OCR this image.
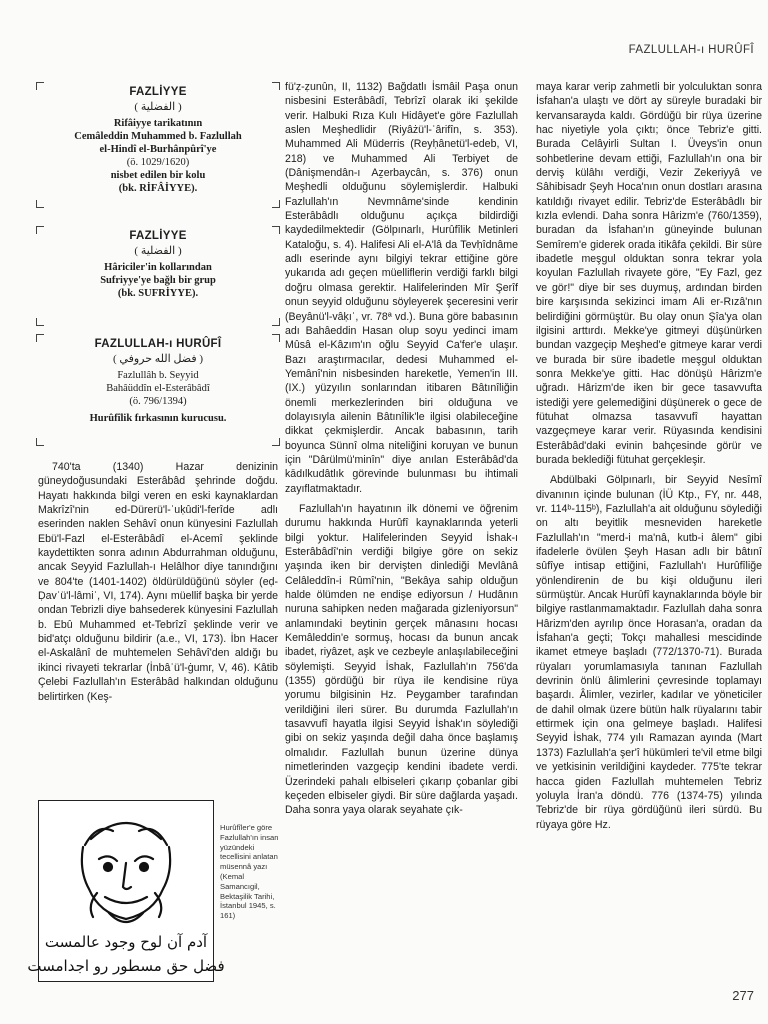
FAZLULLAH-ı HURÛFÎ
FAZLİYYE
( الفضلية )
Rifâiyye tarikatının
Cemâleddin Muhammed b. Fazlullah
el-Hindî el-Burhânpûrî'ye
(ö. 1029/1620)
nisbet edilen bir kolu
(bk. RİFÂİYYE).
FAZLİYYE
( الفضلية )
Hâriciler'in kollarından
Sufriyye'ye bağlı bir grup
(bk. SUFRİYYE).
FAZLULLAH-ı HURÛFÎ
( فضل الله حروفي )
Fazlullâh b. Seyyid
Bahâüddîn el-Esterâbâdî
(ö. 796/1394)
Hurûfîlik fırkasının kurucusu.

740'ta (1340) Hazar denizinin güneydoğusundaki Esterâbâd şehrinde doğdu. Hayatı hakkında bilgi veren en eski kaynaklardan Makrîzî'nin ed-Dürerü'l-ʿuḳûdi'l-ferîde adlı eserinden naklen Sehâvî onun künyesini Fazlullah Ebü'l-Fazl el-Esterâbâdî el-Acemî şeklinde kaydettikten sonra adının Abdurrahman olduğunu, ancak Seyyid Fazlullah-ı Helâlhor diye tanındığını ve 804'te (1401-1402) öldürüldüğünü söyler (eḍ-Ḍavʾü'l-lâmiʿ, VI, 174). Aynı müellif başka bir yerde ondan Tebrizli diye bahsederek künyesini Fazlullah b. Ebû Muhammed et-Tebrîzî şeklinde verir ve bid'atçı olduğunu bildirir (a.e., VI, 173). İbn Hacer el-Askalânî de muhtemelen Sehâvî'den aldığı bu ikinci rivayeti tekrarlar (İnbâʾü'l-ġumr, V, 46). Kâtib Çelebi Fazlullah'ın Esterâbâd halkından olduğunu belirtirken (Keş-

fü'ẓ-ẓunûn, II, 1132) Bağdatlı İsmâil Paşa onun nisbesini Esterâbâdî, Tebrîzî olarak iki şekilde verir. Halbuki Rıza Kulı Hidâyet'e göre Fazlullah aslen Meşhedlidir (Riyâżü'l-ʿârifîn, s. 353). Muhammed Ali Müderris (Reyḥânetü'l-edeb, VI, 218) ve Muhammed Ali Terbiyet de (Dânişmendân-ı Aẕerbaycân, s. 376) onun Meşhedli olduğunu söylemişlerdir. Halbuki Fazlullah'ın Nevmnâme'sinde kendinin Esterâbâdlı olduğunu açıkça bildirdiği kaydedilmektedir (Gölpınarlı, Hurûfîlik Metinleri Kataloğu, s. 4). Halifesi Ali el-A'lâ da Tevḥîdnâme adlı eserinde aynı bilgiyi tekrar ettiğine göre yukarıda adı geçen müelliflerin verdiği farklı bilgi doğru olmasa gerektir. Halifelerinden Mîr Şerîf onun seyyid olduğunu söyleyerek şeceresini verir (Beyânü'l-vâḳıʿ, vr. 78ª vd.). Buna göre babasının adı Bahâeddin Hasan olup soyu yedinci imam Mûsâ el-Kâzım'ın oğlu Seyyid Ca'fer'e ulaşır. Bazı araştırmacılar, dedesi Muhammed el-Yemânî'nin nisbesinden hareketle, Yemen'in III. (IX.) yüzyılın sonlarından itibaren Bâtınîliğin önemli merkezlerinden biri olduğuna ve dolayısıyla ailenin Bâtınîlik'le ilgisi olabileceğine dikkat çekmişlerdir. Ancak babasının, tarih boyunca Sünnî olma niteliğini koruyan ve bunun için "Dârülmü'minîn" diye anılan Esterâbâd'da kādılkudâtlık görevinde bulunması bu ihtimali zayıflatmaktadır.

Fazlullah'ın hayatının ilk dönemi ve öğrenim durumu hakkında Hurûfî kaynaklarında yeterli bilgi yoktur. Halifelerinden Seyyid İshak-ı Esterâbâdî'nin verdiği bilgiye göre on sekiz yaşında iken bir dervişten dinlediği Mevlânâ Celâleddîn-i Rûmî'nin, "Bekâya sahip olduğun halde ölümden ne endişe ediyorsun / Hudânın nuruna sahipken neden mağarada gizleniyorsun" anlamındaki beytinin gerçek mânasını hocası Kemâleddin'e sormuş, hocası da bunun ancak ibadet, riyâzet, aşk ve cezbeyle anlaşılabileceğini söylemişti. Seyyid İshak, Fazlullah'ın 756'da (1355) gördüğü bir rüya ile kendisine rüya yorumu bilgisinin Hz. Peygamber tarafından verildiğini ileri sürer. Bu durumda Fazlullah'ın tasavvufî hayatla ilgisi Seyyid İshak'ın söylediği gibi on sekiz yaşında değil daha önce başlamış olmalıdır. Fazlullah bunun üzerine dünya nimetlerinden vazgeçip kendini ibadete verdi. Üzerindeki pahalı elbiseleri çıkarıp çobanlar gibi keçeden elbiseler giydi. Bir süre dağlarda yaşadı. Daha sonra yaya olarak seyahate çık-

maya karar verip zahmetli bir yolculuktan sonra İsfahan'a ulaştı ve dört ay süreyle buradaki bir kervansarayda kaldı. Gördüğü bir rüya üzerine hac niyetiyle yola çıktı; önce Tebriz'e gitti. Burada Celâyirli Sultan I. Üveys'in onun sohbetlerine devam ettiği, Fazlullah'ın ona bir derviş külâhı verdiği, Vezir Zekeriyyâ ve Sâhibisadr Şeyh Hoca'nın onun dostları arasına katıldığı rivayet edilir. Tebriz'de Esterâbâdlı bir kızla evlendi. Daha sonra Hârizm'e (760/1359), buradan da İsfahan'ın güneyinde bulunan Semîrem'e giderek orada itikâfa çekildi. Bir süre ibadetle meşgul olduktan sonra tekrar yola koyulan Fazlullah rivayete göre, "Ey Fazl, gez ve gör!" diye bir ses duymuş, ardından birden bire karşısında sekizinci imam Ali er-Rızâ'nın belirdiğini görmüştür. Bu olay onun Şîa'ya olan ilgisini arttırdı. Mekke'ye gitmeyi düşünürken bundan vazgeçip Meşhed'e gitmeye karar verdi ve burada bir süre ibadetle meşgul olduktan sonra Mekke'ye gitti. Hac dönüşü Hârizm'e uğradı. Hârizm'de iken bir gece tasavvufta istediği yere gelemediğini düşünerek o gece de fütuhat olmazsa tasavvufî hayattan vazgeçmeye karar verir. Rüyasında kendisini Esterâbâd'daki evinin bahçesinde görür ve burada beklediği fütuhat gerçekleşir.

Abdülbaki Gölpınarlı, bir Seyyid Nesîmî divanının içinde bulunan (İÜ Ktp., FY, nr. 448, vr. 114ᵇ-115ᵇ), Fazlullah'a ait olduğunu söylediği on altı beyitlik mesneviden hareketle Fazlullah'ın "merd-i ma'nâ, kutb-i âlem" gibi ifadelerle övülen Şeyh Hasan adlı bir bâtınî sûfîye intisap ettiğini, Fazlullah'ı Hurûfîliğe yönlendirenin de bu kişi olduğunu ileri sürmüştür. Ancak Hurûfî kaynaklarında böyle bir bilgiye rastlanmamaktadır. Fazlullah daha sonra Hârizm'den ayrılıp önce Horasan'a, oradan da İsfahan'a geçti; Tokçı mahallesi mescidinde ikamet etmeye başladı (772/1370-71). Burada rüyaları yorumlamasıyla tanınan Fazlullah devrinin önlü âlimlerini çevresinde toplamayı başardı. Âlimler, vezirler, kadılar ve yöneticiler de dahil olmak üzere bütün halk rüyalarını tabir ettirmek için ona gelmeye başladı. Halifesi Seyyid İshak, 774 yılı Ramazan ayında (Mart 1373) Fazlullah'a şer'î hükümleri te'vil etme bilgi ve yetkisinin verildiğini kaydeder. 775'te tekrar hacca giden Fazlullah muhtemelen Tebriz yoluyla İran'a döndü. 776 (1374-75) yılında Tebriz'de bir rüya gördüğünü ileri sürdü. Bu rüyaya göre Hz.

آدم آن لوح وجود عالمست
فضل حق مسطور رو اجدامست
Hurûfîler'e göre Fazlullah'ın insan yüzündeki tecellisini anlatan müsennâ yazı (Kemal Samancıgil, Bektaşilik Tarihi, İstanbul 1945, s. 161)
277
